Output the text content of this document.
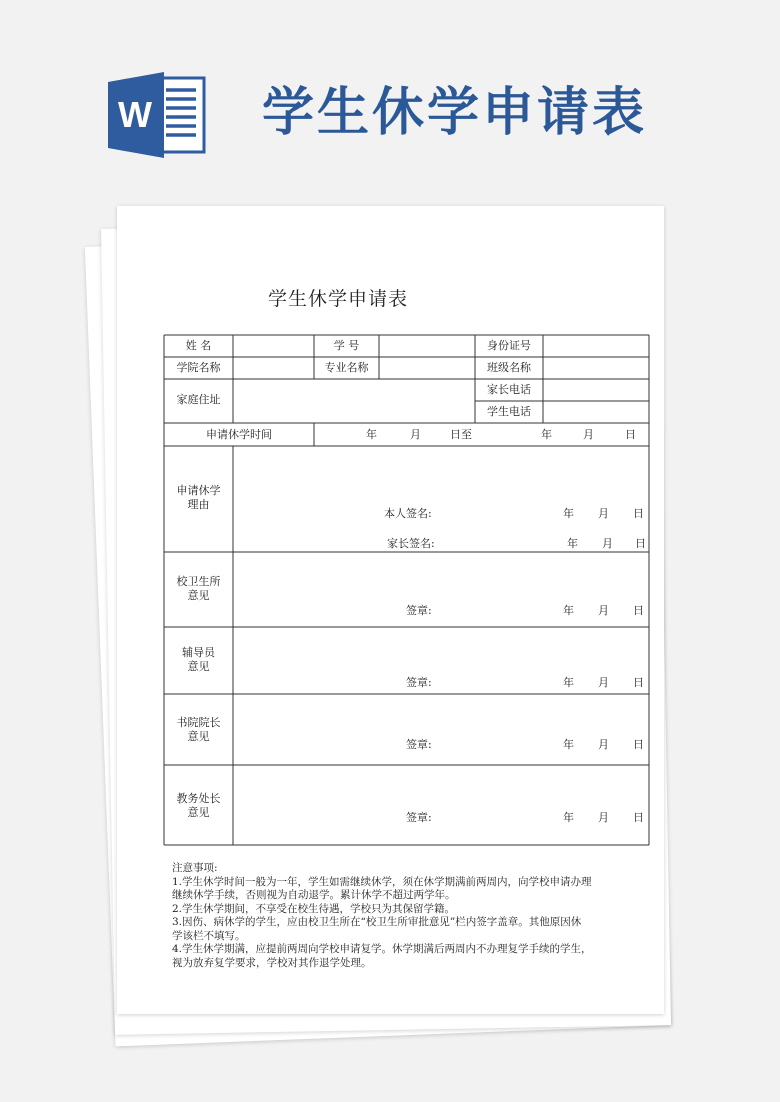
W 学生休学申请表
学生休学申请表
姓 名	学 号	身份证号
学院名称	专业名称	班级名称
家庭住址
家长电话
学生电话
申请休学时间	年	月	日至	年	月	日
申请休学
理由
本人签名:	年 月 日
家长签名:	年 月 日
校卫生所
意见
签章:	年 月 日
辅导员
意见
签章:	年 月 日
书院院长
意见
签章:	年 月 日
教务处长
意见	签章:	年 月 日
注意事项:
1.学生休学时间一般为一年，学生如需继续休学，须在休学期满前两周内，向学校申请办理
继续休学手续，否则视为自动退学。累计休学不超过两学年。
2.学生休学期间，不享受在校生待遇，学校只为其保留学籍。
3.因伤、病休学的学生，应由校卫生所在“校卫生所审批意见”栏内签字盖章。其他原因休
学该栏不填写。
4.学生休学期满，应提前两周向学校申请复学。休学期满后两周内不办理复学手续的学生，
视为放弃复学要求，学校对其作退学处理。
